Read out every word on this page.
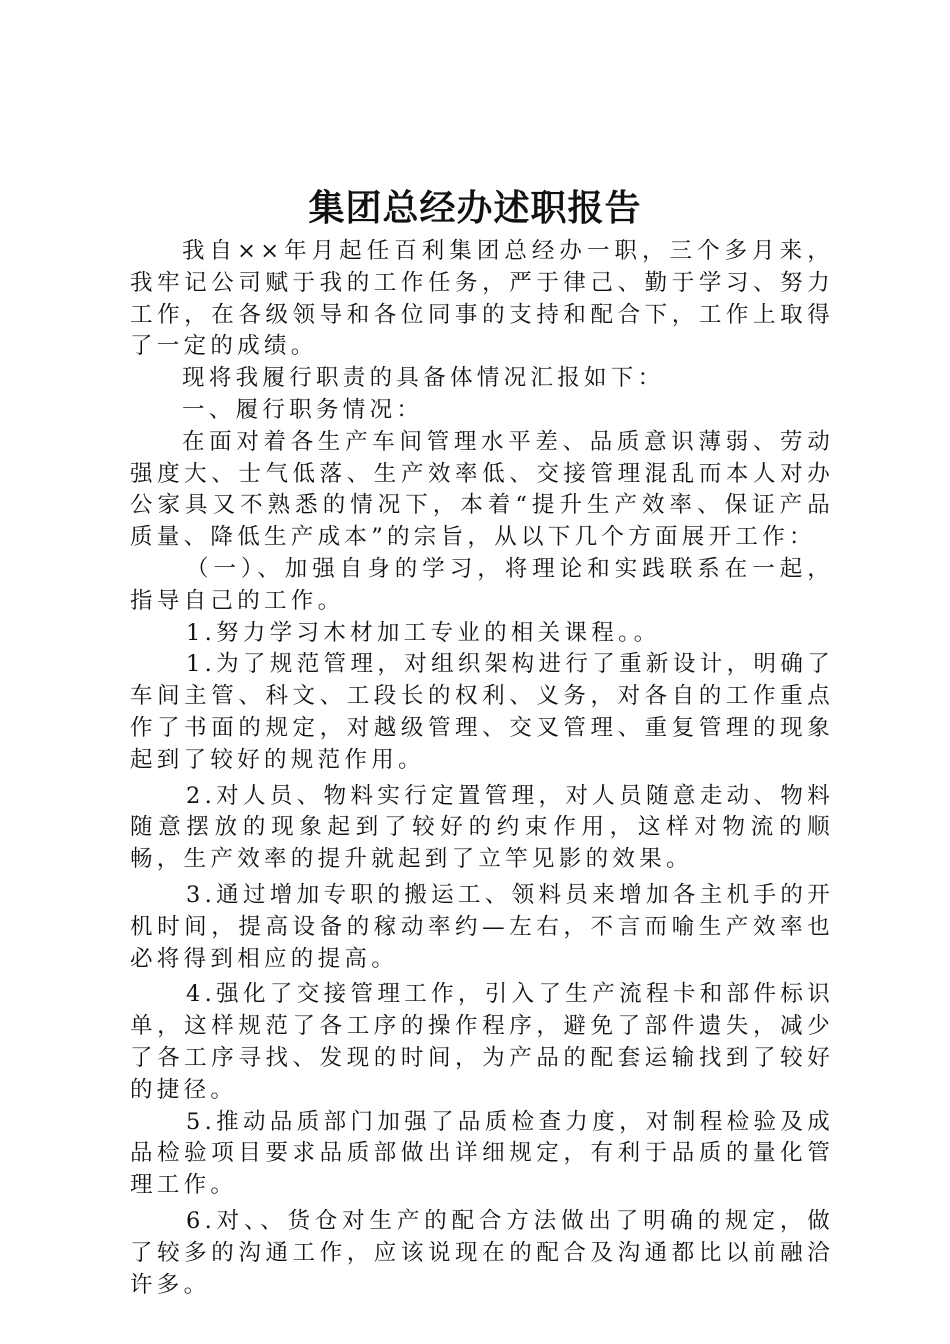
集团总经办述职报告

我自××年月起任百利集团总经办一职，三个多月来，我牢记公司赋于我的工作任务，严于律己、勤于学习、努力工作，在各级领导和各位同事的支持和配合下，工作上取得了一定的成绩。

现将我履行职责的具备体情况汇报如下：

一、履行职务情况：

在面对着各生产车间管理水平差、品质意识薄弱、劳动强度大、士气低落、生产效率低、交接管理混乱而本人对办公家具又不熟悉的情况下，本着“提升生产效率、保证产品质量、降低生产成本”的宗旨，从以下几个方面展开工作：

（一）、加强自身的学习，将理论和实践联系在一起，指导自己的工作。

1.努力学习木材加工专业的相关课程。。

1.为了规范管理，对组织架构进行了重新设计，明确了车间主管、科文、工段长的权利、义务，对各自的工作重点作了书面的规定，对越级管理、交叉管理、重复管理的现象起到了较好的规范作用。

2.对人员、物料实行定置管理，对人员随意走动、物料随意摆放的现象起到了较好的约束作用，这样对物流的顺畅，生产效率的提升就起到了立竿见影的效果。

3.通过增加专职的搬运工、领料员来增加各主机手的开机时间，提高设备的稼动率约—左右，不言而喻生产效率也必将得到相应的提高。

4.强化了交接管理工作，引入了生产流程卡和部件标识单，这样规范了各工序的操作程序，避免了部件遗失，减少了各工序寻找、发现的时间，为产品的配套运输找到了较好的捷径。

5.推动品质部门加强了品质检查力度，对制程检验及成品检验项目要求品质部做出详细规定，有利于品质的量化管理工作。

6.对、、货仓对生产的配合方法做出了明确的规定，做了较多的沟通工作，应该说现在的配合及沟通都比以前融洽许多。
